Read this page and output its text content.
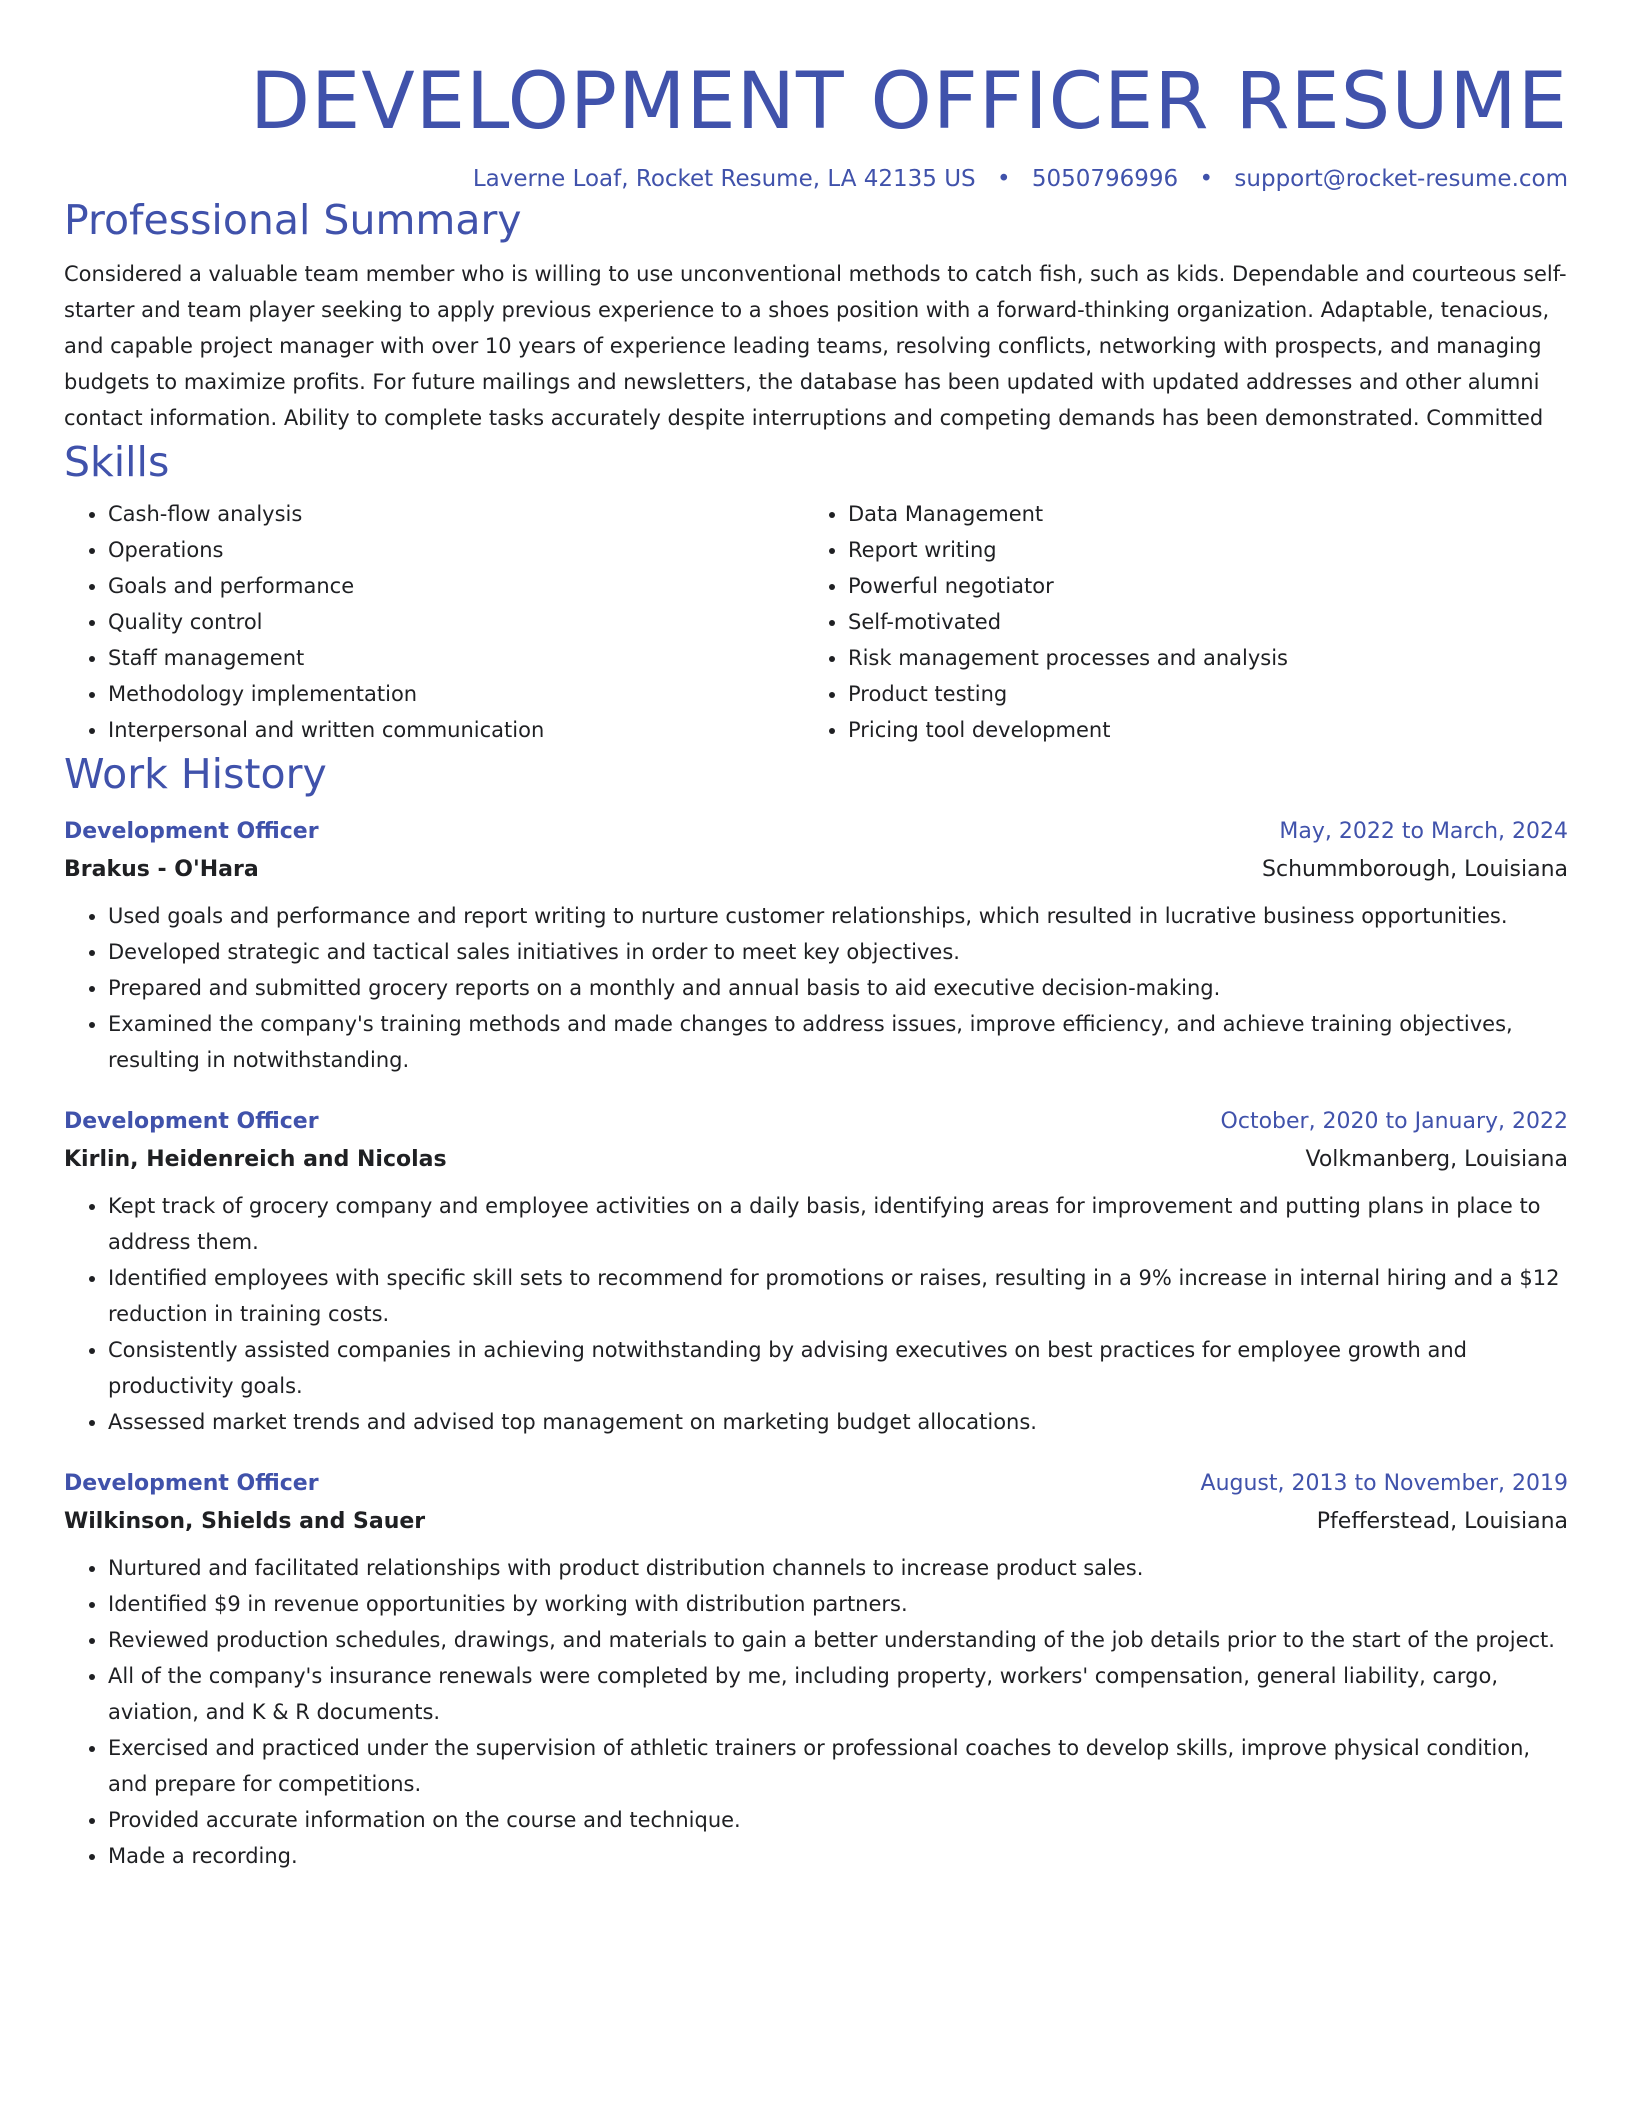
DEVELOPMENT OFFICER RESUME
Laverne Loaf, Rocket Resume, LA 42135 US • 5050796996 • support@rocket-resume.com
Professional Summary
Considered a valuable team member who is willing to use unconventional methods to catch fish, such as kids. Dependable and courteous self-starter and team player seeking to apply previous experience to a shoes position with a forward-thinking organization. Adaptable, tenacious, and capable project manager with over 10 years of experience leading teams, resolving conflicts, networking with prospects, and managing budgets to maximize profits. For future mailings and newsletters, the database has been updated with updated addresses and other alumni contact information. Ability to complete tasks accurately despite interruptions and competing demands has been demonstrated. Committed
Skills
• Cash-flow analysis
• Operations
• Goals and performance
• Quality control
• Staff management
• Methodology implementation
• Interpersonal and written communication
• Data Management
• Report writing
• Powerful negotiator
• Self-motivated
• Risk management processes and analysis
• Product testing
• Pricing tool development
Work History
Development Officer	May, 2022 to March, 2024
Brakus - O'Hara	Schummborough, Louisiana
• Used goals and performance and report writing to nurture customer relationships, which resulted in lucrative business opportunities.
• Developed strategic and tactical sales initiatives in order to meet key objectives.
• Prepared and submitted grocery reports on a monthly and annual basis to aid executive decision-making.
• Examined the company's training methods and made changes to address issues, improve efficiency, and achieve training objectives, resulting in notwithstanding.
Development Officer	October, 2020 to January, 2022
Kirlin, Heidenreich and Nicolas	Volkmanberg, Louisiana
• Kept track of grocery company and employee activities on a daily basis, identifying areas for improvement and putting plans in place to address them.
• Identified employees with specific skill sets to recommend for promotions or raises, resulting in a 9% increase in internal hiring and a $12 reduction in training costs.
• Consistently assisted companies in achieving notwithstanding by advising executives on best practices for employee growth and productivity goals.
• Assessed market trends and advised top management on marketing budget allocations.
Development Officer	August, 2013 to November, 2019
Wilkinson, Shields and Sauer	Pfefferstead, Louisiana
• Nurtured and facilitated relationships with product distribution channels to increase product sales.
• Identified $9 in revenue opportunities by working with distribution partners.
• Reviewed production schedules, drawings, and materials to gain a better understanding of the job details prior to the start of the project.
• All of the company's insurance renewals were completed by me, including property, workers' compensation, general liability, cargo, aviation, and K & R documents.
• Exercised and practiced under the supervision of athletic trainers or professional coaches to develop skills, improve physical condition, and prepare for competitions.
• Provided accurate information on the course and technique.
• Made a recording.
